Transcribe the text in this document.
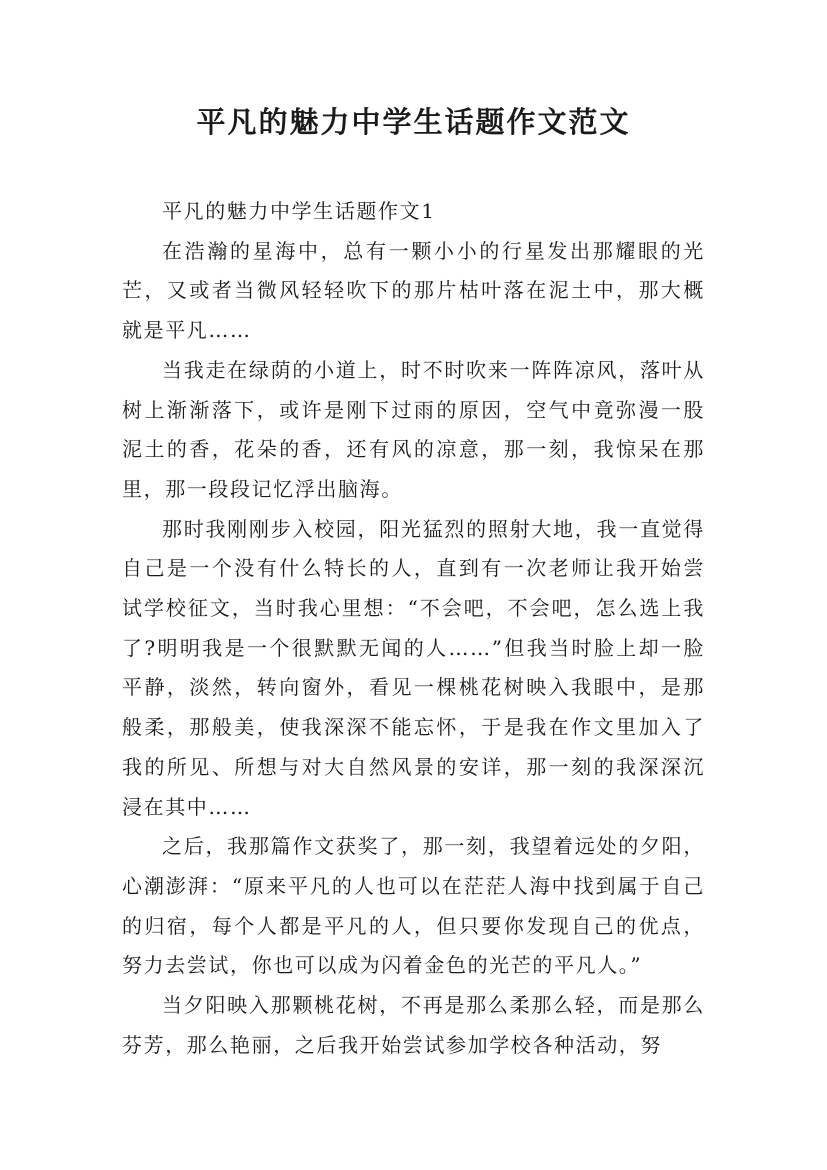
平凡的魅力中学生话题作文范文

平凡的魅力中学生话题作文1

在浩瀚的星海中，总有一颗小小的行星发出那耀眼的光芒，又或者当微风轻轻吹下的那片枯叶落在泥土中，那大概就是平凡……

当我走在绿荫的小道上，时不时吹来一阵阵凉风，落叶从树上渐渐落下，或许是刚下过雨的原因，空气中竟弥漫一股泥土的香，花朵的香，还有风的凉意，那一刻，我惊呆在那里，那一段段记忆浮出脑海。

那时我刚刚步入校园，阳光猛烈的照射大地，我一直觉得自己是一个没有什么特长的人，直到有一次老师让我开始尝试学校征文，当时我心里想：“不会吧，不会吧，怎么选上我了?明明我是一个很默默无闻的人……”但我当时脸上却一脸平静，淡然，转向窗外，看见一棵桃花树映入我眼中，是那般柔，那般美，使我深深不能忘怀，于是我在作文里加入了我的所见、所想与对大自然风景的安详，那一刻的我深深沉浸在其中……

之后，我那篇作文获奖了，那一刻，我望着远处的夕阳，心潮澎湃：“原来平凡的人也可以在茫茫人海中找到属于自己的归宿，每个人都是平凡的人，但只要你发现自己的优点，努力去尝试，你也可以成为闪着金色的光芒的平凡人。”

当夕阳映入那颗桃花树，不再是那么柔那么轻，而是那么芬芳，那么艳丽，之后我开始尝试参加学校各种活动，努
